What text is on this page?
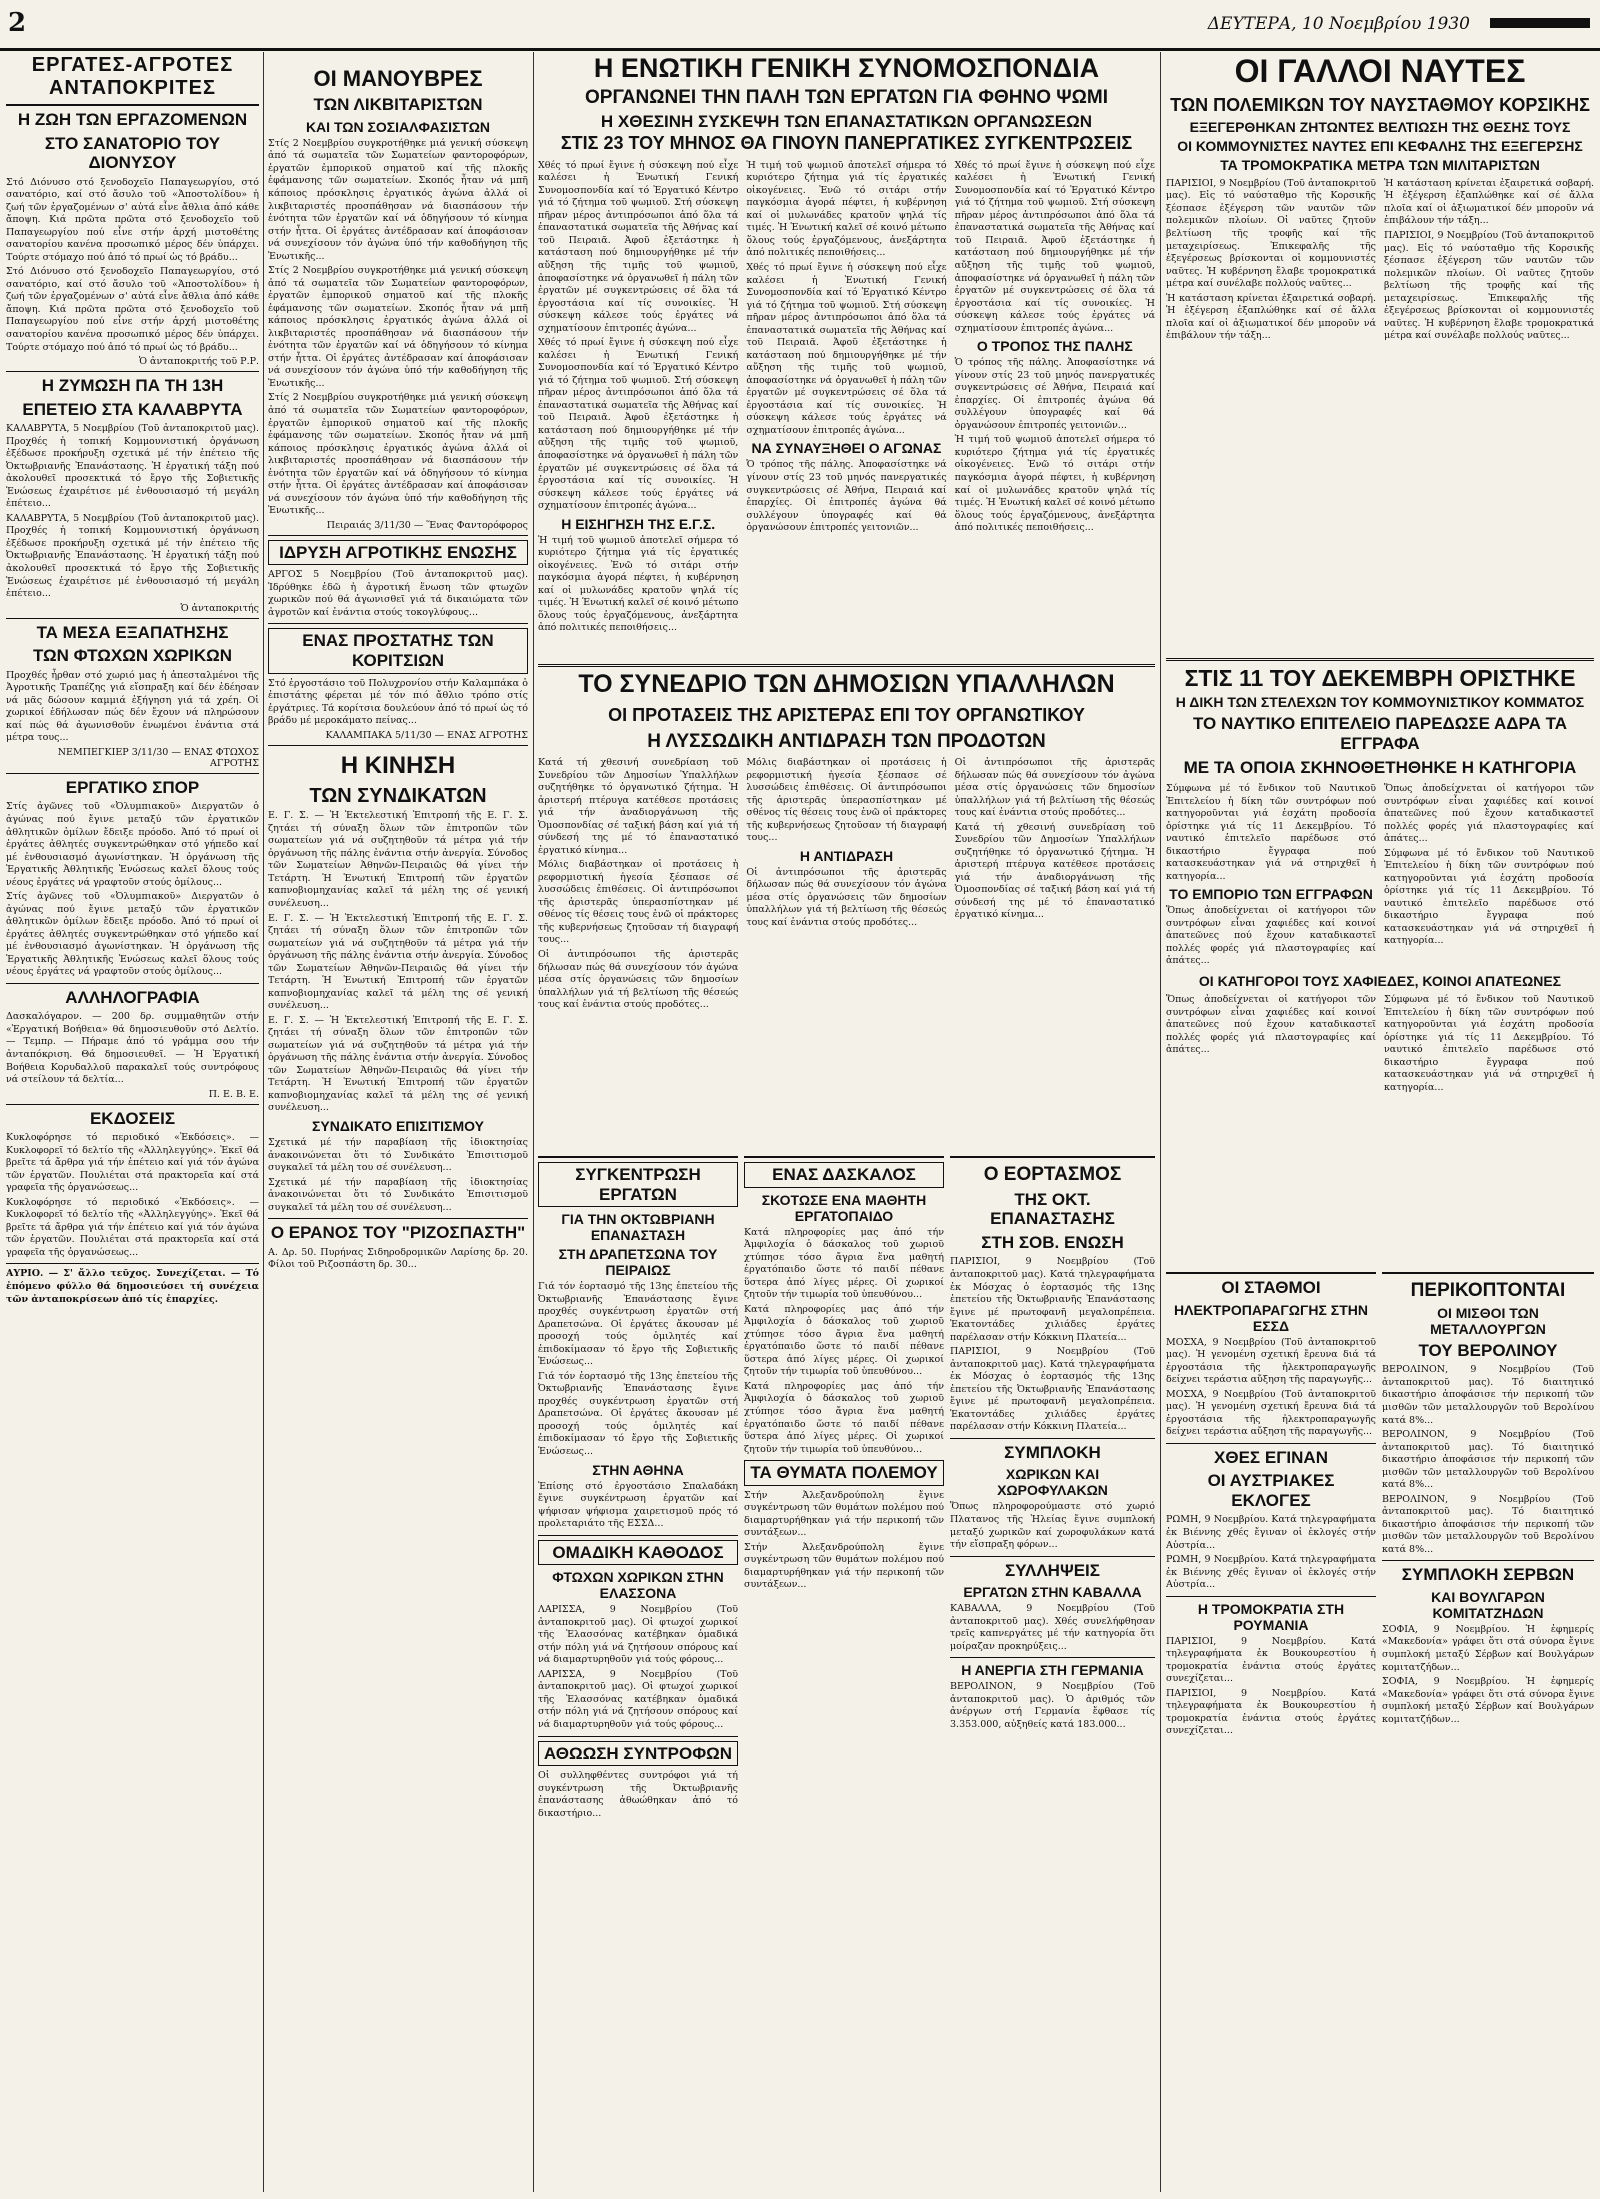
2	ΔΕΥΤΕΡΑ, 10 Νοεμβρίου 1930
ΕΡΓΑΤΕΣ-ΑΓΡΟΤΕΣ ΑΝΤΑΠΟΚΡΙΤΕΣ
Η ΖΩΗ ΤΩΝ ΕΡΓΑΖΟΜΕΝΩΝ
ΣΤΟ ΣΑΝΑΤΟΡΙΟ ΤΟΥ ΔΙΟΝΥΣΟΥ

Στό Διόνυσο στό ξενοδοχεῖο Παπαγεωργίου, στό σανατόριο, καί στό ἄσυλο τοῦ «Ἀποστολίδου» ἡ ζωή τῶν ἐργαζομένων σ' αὐτά εἶνε ἄθλια ἀπό κάθε ἄποψη. Κιά πρῶτα πρῶτα στό ξενοδοχεῖο τοῦ Παπαγεωργίου πού εἶνε στήν ἀρχή μιστοθέτης σανατορίου κανένα προσωπικό μέρος δέν ὑπάρχει. Τούρτε στόμαχο πού ἀπό τό πρωί ὡς τό βράδυ...

Στό Διόνυσο στό ξενοδοχεῖο Παπαγεωργίου, στό σανατόριο, καί στό ἄσυλο τοῦ «Ἀποστολίδου» ἡ ζωή τῶν ἐργαζομένων σ' αὐτά εἶνε ἄθλια ἀπό κάθε ἄποψη. Κιά πρῶτα πρῶτα στό ξενοδοχεῖο τοῦ Παπαγεωργίου πού εἶνε στήν ἀρχή μιστοθέτης σανατορίου κανένα προσωπικό μέρος δέν ὑπάρχει. Τούρτε στόμαχο πού ἀπό τό πρωί ὡς τό βράδυ...

Ὁ ἀνταποκριτής τοῦ Ρ.Ρ.
Η ΖΥΜΩΣΗ ΠΑ ΤΗ 13Η
ΕΠΕΤΕΙΟ ΣΤΑ ΚΑΛΑΒΡΥΤΑ

ΚΑΛΑΒΡΥΤΑ, 5 Νοεμβρίου (Τοῦ ἀνταποκριτοῦ μας). Προχθές ἡ τοπική Κομμουνιστική ὀργάνωση ἐξέδωσε προκήρυξη σχετικά μέ τήν ἐπέτειο τῆς Ὀκτωβριανῆς Ἐπανάστασης. Ἡ ἐργατική τάξη πού ἀκολουθεῖ προσεκτικά τό ἔργο τῆς Σοβιετικῆς Ἑνώσεως ἐχαιρέτισε μέ ἐνθουσιασμό τή μεγάλη ἐπέτειο...

ΚΑΛΑΒΡΥΤΑ, 5 Νοεμβρίου (Τοῦ ἀνταποκριτοῦ μας). Προχθές ἡ τοπική Κομμουνιστική ὀργάνωση ἐξέδωσε προκήρυξη σχετικά μέ τήν ἐπέτειο τῆς Ὀκτωβριανῆς Ἐπανάστασης. Ἡ ἐργατική τάξη πού ἀκολουθεῖ προσεκτικά τό ἔργο τῆς Σοβιετικῆς Ἑνώσεως ἐχαιρέτισε μέ ἐνθουσιασμό τή μεγάλη ἐπέτειο...

Ὁ ἀνταποκριτής
ΤΑ ΜΕΣΑ ΕΞΑΠΑΤΗΣΗΣ
ΤΩΝ ΦΤΩΧΩΝ ΧΩΡΙΚΩΝ

Προχθές ἦρθαν στό χωριό μας ἡ ἀπεσταλμένοι τῆς Ἀγροτικῆς Τραπέζης γιά εἴσπραξη καί δέν ἐδέησαν νά μᾶς δώσουν καμμιά ἐξήγηση γιά τά χρέη. Οἱ χωρικοί ἐδήλωσαν πώς δέν ἔχουν νά πληρώσουν καί πώς θά ἀγωνισθοῦν ἑνωμένοι ἐνάντια στά μέτρα τους...

ΝΕΜΠΕΓΚΙΕΡ 3/11/30 — ΕΝΑΣ ΦΤΩΧΟΣ ΑΓΡΟΤΗΣ
ΕΡΓΑΤΙΚΟ ΣΠΟΡ

Στίς ἀγῶνες τοῦ «Ὀλυμπιακοῦ» Διεργατῶν ὁ ἀγώνας πού ἔγινε μεταξύ τῶν ἐργατικῶν ἀθλητικῶν ὁμίλων ἔδειξε πρόοδο. Ἀπό τό πρωί οἱ ἐργάτες ἀθλητές συγκεντρώθηκαν στό γήπεδο καί μέ ἐνθουσιασμό ἀγωνίστηκαν. Ἡ ὀργάνωση τῆς Ἐργατικῆς Ἀθλητικῆς Ἑνώσεως καλεῖ ὅλους τούς νέους ἐργάτες νά γραφτοῦν στούς ὁμίλους...

Στίς ἀγῶνες τοῦ «Ὀλυμπιακοῦ» Διεργατῶν ὁ ἀγώνας πού ἔγινε μεταξύ τῶν ἐργατικῶν ἀθλητικῶν ὁμίλων ἔδειξε πρόοδο. Ἀπό τό πρωί οἱ ἐργάτες ἀθλητές συγκεντρώθηκαν στό γήπεδο καί μέ ἐνθουσιασμό ἀγωνίστηκαν. Ἡ ὀργάνωση τῆς Ἐργατικῆς Ἀθλητικῆς Ἑνώσεως καλεῖ ὅλους τούς νέους ἐργάτες νά γραφτοῦν στούς ὁμίλους...

ΑΛΛΗΛΟΓΡΑΦΙΑ

Δασκαλόγαρον. — 200 δρ. συμμαθητῶν στήν «Ἐργατική Βοήθεια» θά δημοσιευθοῦν στό Δελτίο. — Τεμπρ. — Πήραμε ἀπό τό γράμμα σου τήν ἀνταπόκριση. Θά δημοσιευθεῖ. — Ἡ Ἐργατική Βοήθεια Κορυδαλλοῦ παρακαλεῖ τούς συντρόφους νά στείλουν τά δελτία...

Π. Ε. Β. Ε.
ΕΚΔΟΣΕΙΣ

Κυκλοφόρησε τό περιοδικό «Ἐκδόσεις». — Κυκλοφορεῖ τό δελτίο τῆς «Ἀλληλεγγύης». Ἐκεῖ θά βρεῖτε τά ἄρθρα γιά τήν ἐπέτειο καί γιά τόν ἀγώνα τῶν ἐργατῶν. Πουλιέται στά πρακτορεῖα καί στά γραφεῖα τῆς ὀργανώσεως...

Κυκλοφόρησε τό περιοδικό «Ἐκδόσεις». — Κυκλοφορεῖ τό δελτίο τῆς «Ἀλληλεγγύης». Ἐκεῖ θά βρεῖτε τά ἄρθρα γιά τήν ἐπέτειο καί γιά τόν ἀγώνα τῶν ἐργατῶν. Πουλιέται στά πρακτορεῖα καί στά γραφεῖα τῆς ὀργανώσεως...

ΑΥΡΙΟ. — Σ' ἄλλο τεῦχος. Συνεχίζεται. — Τό ἐπόμενο φύλλο θά δημοσιεύσει τή συνέχεια τῶν ἀνταποκρίσεων ἀπό τίς ἐπαρχίες.

ΟΙ ΜΑΝΟΥΒΡΕΣ
ΤΩΝ ΛΙΚΒΙΤΑΡΙΣΤΩΝ
ΚΑΙ ΤΩΝ ΣΟΣΙΑΛΦΑΣΙΣΤΩΝ

Στίς 2 Νοεμβρίου συγκροτήθηκε μιά γενική σύσκεψη ἀπό τά σωματεῖα τῶν Σωματείων φαντοροφόρων, ἐργατῶν ἐμπορικοῦ σηματοῦ καί τῆς πλοκῆς ἐφάμανσης τῶν σωματείων. Σκοπός ἦταν νά μπῆ κάποιος πρόσκλησις ἐργατικός ἀγώνα ἀλλά οἱ λικβιταριστές προσπάθησαν νά διασπάσουν τήν ἑνότητα τῶν ἐργατῶν καί νά ὁδηγήσουν τό κίνημα στήν ἧττα. Οἱ ἐργάτες ἀντέδρασαν καί ἀποφάσισαν νά συνεχίσουν τόν ἀγώνα ὑπό τήν καθοδήγηση τῆς Ἑνωτικῆς...

Στίς 2 Νοεμβρίου συγκροτήθηκε μιά γενική σύσκεψη ἀπό τά σωματεῖα τῶν Σωματείων φαντοροφόρων, ἐργατῶν ἐμπορικοῦ σηματοῦ καί τῆς πλοκῆς ἐφάμανσης τῶν σωματείων. Σκοπός ἦταν νά μπῆ κάποιος πρόσκλησις ἐργατικός ἀγώνα ἀλλά οἱ λικβιταριστές προσπάθησαν νά διασπάσουν τήν ἑνότητα τῶν ἐργατῶν καί νά ὁδηγήσουν τό κίνημα στήν ἧττα. Οἱ ἐργάτες ἀντέδρασαν καί ἀποφάσισαν νά συνεχίσουν τόν ἀγώνα ὑπό τήν καθοδήγηση τῆς Ἑνωτικῆς...

Στίς 2 Νοεμβρίου συγκροτήθηκε μιά γενική σύσκεψη ἀπό τά σωματεῖα τῶν Σωματείων φαντοροφόρων, ἐργατῶν ἐμπορικοῦ σηματοῦ καί τῆς πλοκῆς ἐφάμανσης τῶν σωματείων. Σκοπός ἦταν νά μπῆ κάποιος πρόσκλησις ἐργατικός ἀγώνα ἀλλά οἱ λικβιταριστές προσπάθησαν νά διασπάσουν τήν ἑνότητα τῶν ἐργατῶν καί νά ὁδηγήσουν τό κίνημα στήν ἧττα. Οἱ ἐργάτες ἀντέδρασαν καί ἀποφάσισαν νά συνεχίσουν τόν ἀγώνα ὑπό τήν καθοδήγηση τῆς Ἑνωτικῆς...

Πειραιάς 3/11/30 — Ἕνας Φαντορόφορος
ΙΔΡΥΣΗ ΑΓΡΟΤΙΚΗΣ ΕΝΩΣΗΣ

ΑΡΓΟΣ 5 Νοεμβρίου (Τοῦ ἀνταποκριτοῦ μας). Ἱδρύθηκε ἐδῶ ἡ ἀγροτική ἕνωση τῶν φτωχῶν χωρικῶν πού θά ἀγωνισθεῖ γιά τά δικαιώματα τῶν ἀγροτῶν καί ἐνάντια στούς τοκογλύφους...

ΕΝΑΣ ΠΡΟΣΤΑΤΗΣ ΤΩΝ ΚΟΡΙΤΣΙΩΝ

Στό ἐργοστάσιο τοῦ Πολυχρονίου στήν Καλαμπάκα ὁ ἐπιστάτης φέρεται μέ τόν πιό ἄθλιο τρόπο στίς ἐργάτριες. Τά κορίτσια δουλεύουν ἀπό τό πρωί ὡς τό βράδυ μέ μεροκάματο πείνας...

ΚΑΛΑΜΠΑΚΑ 5/11/30 — ΕΝΑΣ ΑΓΡΟΤΗΣ
Η ΚΙΝΗΣΗ
ΤΩΝ ΣΥΝΔΙΚΑΤΩΝ

Ε. Γ. Σ. — Ἡ Ἐκτελεστική Ἐπιτροπή τῆς Ε. Γ. Σ. ζητάει τή σύναξη ὅλων τῶν ἐπιτροπῶν τῶν σωματείων γιά νά συζητηθοῦν τά μέτρα γιά τήν ὀργάνωση τῆς πάλης ἐνάντια στήν ἀνεργία. Σύνοδος τῶν Σωματείων Ἀθηνῶν-Πειραιῶς θά γίνει τήν Τετάρτη. Ἡ Ἑνωτική Ἐπιτροπή τῶν ἐργατῶν καπνοβιομηχανίας καλεῖ τά μέλη της σέ γενική συνέλευση...

Ε. Γ. Σ. — Ἡ Ἐκτελεστική Ἐπιτροπή τῆς Ε. Γ. Σ. ζητάει τή σύναξη ὅλων τῶν ἐπιτροπῶν τῶν σωματείων γιά νά συζητηθοῦν τά μέτρα γιά τήν ὀργάνωση τῆς πάλης ἐνάντια στήν ἀνεργία. Σύνοδος τῶν Σωματείων Ἀθηνῶν-Πειραιῶς θά γίνει τήν Τετάρτη. Ἡ Ἑνωτική Ἐπιτροπή τῶν ἐργατῶν καπνοβιομηχανίας καλεῖ τά μέλη της σέ γενική συνέλευση...

Ε. Γ. Σ. — Ἡ Ἐκτελεστική Ἐπιτροπή τῆς Ε. Γ. Σ. ζητάει τή σύναξη ὅλων τῶν ἐπιτροπῶν τῶν σωματείων γιά νά συζητηθοῦν τά μέτρα γιά τήν ὀργάνωση τῆς πάλης ἐνάντια στήν ἀνεργία. Σύνοδος τῶν Σωματείων Ἀθηνῶν-Πειραιῶς θά γίνει τήν Τετάρτη. Ἡ Ἑνωτική Ἐπιτροπή τῶν ἐργατῶν καπνοβιομηχανίας καλεῖ τά μέλη της σέ γενική συνέλευση...

ΣΥΝΔΙΚΑΤΟ ΕΠΙΣΙΤΙΣΜΟΥ

Σχετικά μέ τήν παραβίαση τῆς ἰδιοκτησίας ἀνακοινώνεται ὅτι τό Συνδικάτο Ἐπισιτισμοῦ συγκαλεῖ τά μέλη του σέ συνέλευση...

Σχετικά μέ τήν παραβίαση τῆς ἰδιοκτησίας ἀνακοινώνεται ὅτι τό Συνδικάτο Ἐπισιτισμοῦ συγκαλεῖ τά μέλη του σέ συνέλευση...

Ο ΕΡΑΝΟΣ ΤΟΥ "ΡΙΖΟΣΠΑΣΤΗ"

Α. Δρ. 50. Πυρήνας Σιδηροδρομικῶν Λαρίσης δρ. 20. Φίλοι τοῦ Ριζοσπάστη δρ. 30...

Η ΕΝΩΤΙΚΗ ΓΕΝΙΚΗ ΣΥΝΟΜΟΣΠΟΝΔΙΑ
ΟΡΓΑΝΩΝΕΙ ΤΗΝ ΠΑΛΗ ΤΩΝ ΕΡΓΑΤΩΝ ΓΙΑ ΦΘΗΝΟ ΨΩΜΙ
Η ΧΘΕΣΙΝΗ ΣΥΣΚΕΨΗ ΤΩΝ ΕΠΑΝΑΣΤΑΤΙΚΩΝ ΟΡΓΑΝΩΣΕΩΝ
ΣΤΙΣ 23 ΤΟΥ ΜΗΝΟΣ ΘΑ ΓΙΝΟΥΝ ΠΑΝΕΡΓΑΤΙΚΕΣ ΣΥΓΚΕΝΤΡΩΣΕΙΣ

Χθές τό πρωί ἔγινε ἡ σύσκεψη πού εἶχε καλέσει ἡ Ἑνωτική Γενική Συνομοσπονδία καί τό Ἐργατικό Κέντρο γιά τό ζήτημα τοῦ ψωμιοῦ. Στή σύσκεψη πῆραν μέρος ἀντιπρόσωποι ἀπό ὅλα τά ἐπαναστατικά σωματεῖα τῆς Ἀθήνας καί τοῦ Πειραιᾶ. Ἀφοῦ ἐξετάστηκε ἡ κατάσταση πού δημιουργήθηκε μέ τήν αὔξηση τῆς τιμῆς τοῦ ψωμιοῦ, ἀποφασίστηκε νά ὀργανωθεῖ ἡ πάλη τῶν ἐργατῶν μέ συγκεντρώσεις σέ ὅλα τά ἐργοστάσια καί τίς συνοικίες. Ἡ σύσκεψη κάλεσε τούς ἐργάτες νά σχηματίσουν ἐπιτροπές ἀγώνα...

Χθές τό πρωί ἔγινε ἡ σύσκεψη πού εἶχε καλέσει ἡ Ἑνωτική Γενική Συνομοσπονδία καί τό Ἐργατικό Κέντρο γιά τό ζήτημα τοῦ ψωμιοῦ. Στή σύσκεψη πῆραν μέρος ἀντιπρόσωποι ἀπό ὅλα τά ἐπαναστατικά σωματεῖα τῆς Ἀθήνας καί τοῦ Πειραιᾶ. Ἀφοῦ ἐξετάστηκε ἡ κατάσταση πού δημιουργήθηκε μέ τήν αὔξηση τῆς τιμῆς τοῦ ψωμιοῦ, ἀποφασίστηκε νά ὀργανωθεῖ ἡ πάλη τῶν ἐργατῶν μέ συγκεντρώσεις σέ ὅλα τά ἐργοστάσια καί τίς συνοικίες. Ἡ σύσκεψη κάλεσε τούς ἐργάτες νά σχηματίσουν ἐπιτροπές ἀγώνα...

Η ΕΙΣΗΓΗΣΗ ΤΗΣ Ε.Γ.Σ.

Ἡ τιμή τοῦ ψωμιοῦ ἀποτελεῖ σήμερα τό κυριότερο ζήτημα γιά τίς ἐργατικές οἰκογένειες. Ἐνῶ τό σιτάρι στήν παγκόσμια ἀγορά πέφτει, ἡ κυβέρνηση καί οἱ μυλωνάδες κρατοῦν ψηλά τίς τιμές. Ἡ Ἑνωτική καλεῖ σέ κοινό μέτωπο ὅλους τούς ἐργαζόμενους, ἀνεξάρτητα ἀπό πολιτικές πεποιθήσεις...

Ἡ τιμή τοῦ ψωμιοῦ ἀποτελεῖ σήμερα τό κυριότερο ζήτημα γιά τίς ἐργατικές οἰκογένειες. Ἐνῶ τό σιτάρι στήν παγκόσμια ἀγορά πέφτει, ἡ κυβέρνηση καί οἱ μυλωνάδες κρατοῦν ψηλά τίς τιμές. Ἡ Ἑνωτική καλεῖ σέ κοινό μέτωπο ὅλους τούς ἐργαζόμενους, ἀνεξάρτητα ἀπό πολιτικές πεποιθήσεις...

Χθές τό πρωί ἔγινε ἡ σύσκεψη πού εἶχε καλέσει ἡ Ἑνωτική Γενική Συνομοσπονδία καί τό Ἐργατικό Κέντρο γιά τό ζήτημα τοῦ ψωμιοῦ. Στή σύσκεψη πῆραν μέρος ἀντιπρόσωποι ἀπό ὅλα τά ἐπαναστατικά σωματεῖα τῆς Ἀθήνας καί τοῦ Πειραιᾶ. Ἀφοῦ ἐξετάστηκε ἡ κατάσταση πού δημιουργήθηκε μέ τήν αὔξηση τῆς τιμῆς τοῦ ψωμιοῦ, ἀποφασίστηκε νά ὀργανωθεῖ ἡ πάλη τῶν ἐργατῶν μέ συγκεντρώσεις σέ ὅλα τά ἐργοστάσια καί τίς συνοικίες. Ἡ σύσκεψη κάλεσε τούς ἐργάτες νά σχηματίσουν ἐπιτροπές ἀγώνα...

ΝΑ ΣΥΝΑΥΞΗΘΕΙ Ο ΑΓΩΝΑΣ

Ὁ τρόπος τῆς πάλης. Ἀποφασίστηκε νά γίνουν στίς 23 τοῦ μηνός πανεργατικές συγκεντρώσεις σέ Ἀθήνα, Πειραιά καί ἐπαρχίες. Οἱ ἐπιτροπές ἀγώνα θά συλλέγουν ὑπογραφές καί θά ὀργανώσουν ἐπιτροπές γειτονιῶν...

Χθές τό πρωί ἔγινε ἡ σύσκεψη πού εἶχε καλέσει ἡ Ἑνωτική Γενική Συνομοσπονδία καί τό Ἐργατικό Κέντρο γιά τό ζήτημα τοῦ ψωμιοῦ. Στή σύσκεψη πῆραν μέρος ἀντιπρόσωποι ἀπό ὅλα τά ἐπαναστατικά σωματεῖα τῆς Ἀθήνας καί τοῦ Πειραιᾶ. Ἀφοῦ ἐξετάστηκε ἡ κατάσταση πού δημιουργήθηκε μέ τήν αὔξηση τῆς τιμῆς τοῦ ψωμιοῦ, ἀποφασίστηκε νά ὀργανωθεῖ ἡ πάλη τῶν ἐργατῶν μέ συγκεντρώσεις σέ ὅλα τά ἐργοστάσια καί τίς συνοικίες. Ἡ σύσκεψη κάλεσε τούς ἐργάτες νά σχηματίσουν ἐπιτροπές ἀγώνα...

Ο ΤΡΟΠΟΣ ΤΗΣ ΠΑΛΗΣ

Ὁ τρόπος τῆς πάλης. Ἀποφασίστηκε νά γίνουν στίς 23 τοῦ μηνός πανεργατικές συγκεντρώσεις σέ Ἀθήνα, Πειραιά καί ἐπαρχίες. Οἱ ἐπιτροπές ἀγώνα θά συλλέγουν ὑπογραφές καί θά ὀργανώσουν ἐπιτροπές γειτονιῶν...

Ἡ τιμή τοῦ ψωμιοῦ ἀποτελεῖ σήμερα τό κυριότερο ζήτημα γιά τίς ἐργατικές οἰκογένειες. Ἐνῶ τό σιτάρι στήν παγκόσμια ἀγορά πέφτει, ἡ κυβέρνηση καί οἱ μυλωνάδες κρατοῦν ψηλά τίς τιμές. Ἡ Ἑνωτική καλεῖ σέ κοινό μέτωπο ὅλους τούς ἐργαζόμενους, ἀνεξάρτητα ἀπό πολιτικές πεποιθήσεις...

ΤΟ ΣΥΝΕΔΡΙΟ ΤΩΝ ΔΗΜΟΣΙΩΝ ΥΠΑΛΛΗΛΩΝ
ΟΙ ΠΡΟΤΑΣΕΙΣ ΤΗΣ ΑΡΙΣΤΕΡΑΣ ΕΠΙ ΤΟΥ ΟΡΓΑΝΩΤΙΚΟΥ
Η ΛΥΣΣΩΔΙΚΗ ΑΝΤΙΔΡΑΣΗ ΤΩΝ ΠΡΟΔΟΤΩΝ

Κατά τή χθεσινή συνεδρίαση τοῦ Συνεδρίου τῶν Δημοσίων Ὑπαλλήλων συζητήθηκε τό ὀργανωτικό ζήτημα. Ἡ ἀριστερή πτέρυγα κατέθεσε προτάσεις γιά τήν ἀναδιοργάνωση τῆς Ὁμοσπονδίας σέ ταξική βάση καί γιά τή σύνδεσή της μέ τό ἐπαναστατικό ἐργατικό κίνημα...

Μόλις διαβάστηκαν οἱ προτάσεις ἡ ρεφορμιστική ἡγεσία ξέσπασε σέ λυσσώδεις ἐπιθέσεις. Οἱ ἀντιπρόσωποι τῆς ἀριστερᾶς ὑπερασπίστηκαν μέ σθένος τίς θέσεις τους ἐνῶ οἱ πράκτορες τῆς κυβερνήσεως ζητοῦσαν τή διαγραφή τους...

Οἱ ἀντιπρόσωποι τῆς ἀριστερᾶς δήλωσαν πώς θά συνεχίσουν τόν ἀγώνα μέσα στίς ὀργανώσεις τῶν δημοσίων ὑπαλλήλων γιά τή βελτίωση τῆς θέσεώς τους καί ἐνάντια στούς προδότες...

Μόλις διαβάστηκαν οἱ προτάσεις ἡ ρεφορμιστική ἡγεσία ξέσπασε σέ λυσσώδεις ἐπιθέσεις. Οἱ ἀντιπρόσωποι τῆς ἀριστερᾶς ὑπερασπίστηκαν μέ σθένος τίς θέσεις τους ἐνῶ οἱ πράκτορες τῆς κυβερνήσεως ζητοῦσαν τή διαγραφή τους...

Η ΑΝΤΙΔΡΑΣΗ

Οἱ ἀντιπρόσωποι τῆς ἀριστερᾶς δήλωσαν πώς θά συνεχίσουν τόν ἀγώνα μέσα στίς ὀργανώσεις τῶν δημοσίων ὑπαλλήλων γιά τή βελτίωση τῆς θέσεώς τους καί ἐνάντια στούς προδότες...

Οἱ ἀντιπρόσωποι τῆς ἀριστερᾶς δήλωσαν πώς θά συνεχίσουν τόν ἀγώνα μέσα στίς ὀργανώσεις τῶν δημοσίων ὑπαλλήλων γιά τή βελτίωση τῆς θέσεώς τους καί ἐνάντια στούς προδότες...

Κατά τή χθεσινή συνεδρίαση τοῦ Συνεδρίου τῶν Δημοσίων Ὑπαλλήλων συζητήθηκε τό ὀργανωτικό ζήτημα. Ἡ ἀριστερή πτέρυγα κατέθεσε προτάσεις γιά τήν ἀναδιοργάνωση τῆς Ὁμοσπονδίας σέ ταξική βάση καί γιά τή σύνδεσή της μέ τό ἐπαναστατικό ἐργατικό κίνημα...

ΣΥΓΚΕΝΤΡΩΣΗ ΕΡΓΑΤΩΝ
ΓΙΑ ΤΗΝ ΟΚΤΩΒΡΙΑΝΗ ΕΠΑΝΑΣΤΑΣΗ
ΣΤΗ ΔΡΑΠΕΤΣΩΝΑ ΤΟΥ ΠΕΙΡΑΙΩΣ

Γιά τόν ἑορτασμό τῆς 13ης ἐπετείου τῆς Ὀκτωβριανῆς Ἐπανάστασης ἔγινε προχθές συγκέντρωση ἐργατῶν στή Δραπετσώνα. Οἱ ἐργάτες ἄκουσαν μέ προσοχή τούς ὁμιλητές καί ἐπιδοκίμασαν τό ἔργο τῆς Σοβιετικῆς Ἑνώσεως...

Γιά τόν ἑορτασμό τῆς 13ης ἐπετείου τῆς Ὀκτωβριανῆς Ἐπανάστασης ἔγινε προχθές συγκέντρωση ἐργατῶν στή Δραπετσώνα. Οἱ ἐργάτες ἄκουσαν μέ προσοχή τούς ὁμιλητές καί ἐπιδοκίμασαν τό ἔργο τῆς Σοβιετικῆς Ἑνώσεως...

ΣΤΗΝ ΑΘΗΝΑ

Ἐπίσης στό ἐργοστάσιο Σπαλαδάκη ἔγινε συγκέντρωση ἐργατῶν καί ψήφισαν ψήφισμα χαιρετισμοῦ πρός τό προλεταριάτο τῆς ΕΣΣΔ...

ΟΜΑΔΙΚΗ ΚΑΘΟΔΟΣ
ΦΤΩΧΩΝ ΧΩΡΙΚΩΝ ΣΤΗΝ ΕΛΑΣΣΟΝΑ

ΛΑΡΙΣΣΑ, 9 Νοεμβρίου (Τοῦ ἀνταποκριτοῦ μας). Οἱ φτωχοί χωρικοί τῆς Ἐλασσόνας κατέβηκαν ὁμαδικά στήν πόλη γιά νά ζητήσουν σπόρους καί νά διαμαρτυρηθοῦν γιά τούς φόρους...

ΛΑΡΙΣΣΑ, 9 Νοεμβρίου (Τοῦ ἀνταποκριτοῦ μας). Οἱ φτωχοί χωρικοί τῆς Ἐλασσόνας κατέβηκαν ὁμαδικά στήν πόλη γιά νά ζητήσουν σπόρους καί νά διαμαρτυρηθοῦν γιά τούς φόρους...

ΑΘΩΩΣΗ ΣΥΝΤΡΟΦΩΝ

Οἱ συλληφθέντες συντρόφοι γιά τή συγκέντρωση τῆς Ὀκτωβριανῆς ἐπανάστασης ἀθωώθηκαν ἀπό τό δικαστήριο...

ΕΝΑΣ ΔΑΣΚΑΛΟΣ
ΣΚΟΤΩΣΕ ΕΝΑ ΜΑΘΗΤΗ ΕΡΓΑΤΟΠΑΙΔΟ

Κατά πληροφορίες μας ἀπό τήν Ἀμφιλοχία ὁ δάσκαλος τοῦ χωριοῦ χτύπησε τόσο ἄγρια ἕνα μαθητή ἐργατόπαιδο ὥστε τό παιδί πέθανε ὕστερα ἀπό λίγες μέρες. Οἱ χωρικοί ζητοῦν τήν τιμωρία τοῦ ὑπευθύνου...

Κατά πληροφορίες μας ἀπό τήν Ἀμφιλοχία ὁ δάσκαλος τοῦ χωριοῦ χτύπησε τόσο ἄγρια ἕνα μαθητή ἐργατόπαιδο ὥστε τό παιδί πέθανε ὕστερα ἀπό λίγες μέρες. Οἱ χωρικοί ζητοῦν τήν τιμωρία τοῦ ὑπευθύνου...

Κατά πληροφορίες μας ἀπό τήν Ἀμφιλοχία ὁ δάσκαλος τοῦ χωριοῦ χτύπησε τόσο ἄγρια ἕνα μαθητή ἐργατόπαιδο ὥστε τό παιδί πέθανε ὕστερα ἀπό λίγες μέρες. Οἱ χωρικοί ζητοῦν τήν τιμωρία τοῦ ὑπευθύνου...

ΤΑ ΘΥΜΑΤΑ ΠΟΛΕΜΟΥ

Στήν Ἀλεξανδρούπολη ἔγινε συγκέντρωση τῶν θυμάτων πολέμου πού διαμαρτυρήθηκαν γιά τήν περικοπή τῶν συντάξεων...

Στήν Ἀλεξανδρούπολη ἔγινε συγκέντρωση τῶν θυμάτων πολέμου πού διαμαρτυρήθηκαν γιά τήν περικοπή τῶν συντάξεων...

Ο ΕΟΡΤΑΣΜΟΣ
ΤΗΣ ΟΚΤ. ΕΠΑΝΑΣΤΑΣΗΣ
ΣΤΗ ΣΟΒ. ΕΝΩΣΗ

ΠΑΡΙΣΙΟΙ, 9 Νοεμβρίου (Τοῦ ἀνταποκριτοῦ μας). Κατά τηλεγραφήματα ἐκ Μόσχας ὁ ἑορτασμός τῆς 13ης ἐπετείου τῆς Ὀκτωβριανῆς Ἐπανάστασης ἔγινε μέ πρωτοφανῆ μεγαλοπρέπεια. Ἑκατοντάδες χιλιάδες ἐργάτες παρέλασαν στήν Κόκκινη Πλατεία...

ΠΑΡΙΣΙΟΙ, 9 Νοεμβρίου (Τοῦ ἀνταποκριτοῦ μας). Κατά τηλεγραφήματα ἐκ Μόσχας ὁ ἑορτασμός τῆς 13ης ἐπετείου τῆς Ὀκτωβριανῆς Ἐπανάστασης ἔγινε μέ πρωτοφανῆ μεγαλοπρέπεια. Ἑκατοντάδες χιλιάδες ἐργάτες παρέλασαν στήν Κόκκινη Πλατεία...

ΣΥΜΠΛΟΚΗ
ΧΩΡΙΚΩΝ ΚΑΙ ΧΩΡΟΦΥΛΑΚΩΝ

Ὅπως πληροφορούμαστε στό χωριό Πλατανος τῆς Ἠλείας ἔγινε συμπλοκή μεταξύ χωρικῶν καί χωροφυλάκων κατά τήν εἴσπραξη φόρων...

ΣΥΛΛΗΨΕΙΣ
ΕΡΓΑΤΩΝ ΣΤΗΝ ΚΑΒΑΛΛΑ

ΚΑΒΑΛΛΑ, 9 Νοεμβρίου (Τοῦ ἀνταποκριτοῦ μας). Χθές συνελήφθησαν τρεῖς καπνεργάτες μέ τήν κατηγορία ὅτι μοίραζαν προκηρύξεις...

Η ΑΝΕΡΓΙΑ ΣΤΗ ΓΕΡΜΑΝΙΑ

ΒΕΡΟΛΙΝΟΝ, 9 Νοεμβρίου (Τοῦ ἀνταποκριτοῦ μας). Ὁ ἀριθμός τῶν ἀνέργων στή Γερμανία ἔφθασε τίς 3.353.000, αὐξηθείς κατά 183.000...

ΟΙ ΓΑΛΛΟΙ ΝΑΥΤΕΣ
ΤΩΝ ΠΟΛΕΜΙΚΩΝ ΤΟΥ ΝΑΥΣΤΑΘΜΟΥ ΚΟΡΣΙΚΗΣ
ΕΞΕΓΕΡΘΗΚΑΝ ΖΗΤΩΝΤΕΣ ΒΕΛΤΙΩΣΗ ΤΗΣ ΘΕΣΗΣ ΤΟΥΣ
ΟΙ ΚΟΜΜΟΥΝΙΣΤΕΣ ΝΑΥΤΕΣ ΕΠΙ ΚΕΦΑΛΗΣ ΤΗΣ ΕΞΕΓΕΡΣΗΣ
ΤΑ ΤΡΟΜΟΚΡΑΤΙΚΑ ΜΕΤΡΑ ΤΩΝ ΜΙΛΙΤΑΡΙΣΤΩΝ

ΠΑΡΙΣΙΟΙ, 9 Νοεμβρίου (Τοῦ ἀνταποκριτοῦ μας). Εἰς τό ναύσταθμο τῆς Κορσικῆς ξέσπασε ἐξέγερση τῶν ναυτῶν τῶν πολεμικῶν πλοίων. Οἱ ναῦτες ζητοῦν βελτίωση τῆς τροφῆς καί τῆς μεταχειρίσεως. Ἐπικεφαλῆς τῆς ἐξεγέρσεως βρίσκονται οἱ κομμουνιστές ναῦτες. Ἡ κυβέρνηση ἔλαβε τρομοκρατικά μέτρα καί συνέλαβε πολλούς ναῦτες...

Ἡ κατάσταση κρίνεται ἐξαιρετικά σοβαρή. Ἡ ἐξέγερση ἐξαπλώθηκε καί σέ ἄλλα πλοῖα καί οἱ ἀξιωματικοί δέν μποροῦν νά ἐπιβάλουν τήν τάξη...

Ἡ κατάσταση κρίνεται ἐξαιρετικά σοβαρή. Ἡ ἐξέγερση ἐξαπλώθηκε καί σέ ἄλλα πλοῖα καί οἱ ἀξιωματικοί δέν μποροῦν νά ἐπιβάλουν τήν τάξη...

ΠΑΡΙΣΙΟΙ, 9 Νοεμβρίου (Τοῦ ἀνταποκριτοῦ μας). Εἰς τό ναύσταθμο τῆς Κορσικῆς ξέσπασε ἐξέγερση τῶν ναυτῶν τῶν πολεμικῶν πλοίων. Οἱ ναῦτες ζητοῦν βελτίωση τῆς τροφῆς καί τῆς μεταχειρίσεως. Ἐπικεφαλῆς τῆς ἐξεγέρσεως βρίσκονται οἱ κομμουνιστές ναῦτες. Ἡ κυβέρνηση ἔλαβε τρομοκρατικά μέτρα καί συνέλαβε πολλούς ναῦτες...

ΣΤΙΣ 11 ΤΟΥ ΔΕΚΕΜΒΡΗ ΟΡΙΣΤΗΚΕ
Η ΔΙΚΗ ΤΩΝ ΣΤΕΛΕΧΩΝ ΤΟΥ ΚΟΜΜΟΥΝΙΣΤΙΚΟΥ ΚΟΜΜΑΤΟΣ
ΤΟ ΝΑΥΤΙΚΟ ΕΠΙΤΕΛΕΙΟ ΠΑΡΕΔΩΣΕ ΑΔΡΑ ΤΑ ΕΓΓΡΑΦΑ
ΜΕ ΤΑ ΟΠΟΙΑ ΣΚΗΝΟΘΕΤΗΘΗΚΕ Η ΚΑΤΗΓΟΡΙΑ

Σύμφωνα μέ τό ἔνδικον τοῦ Ναυτικοῦ Ἐπιτελείου ἡ δίκη τῶν συντρόφων πού κατηγοροῦνται γιά ἐσχάτη προδοσία ὁρίστηκε γιά τίς 11 Δεκεμβρίου. Τό ναυτικό ἐπιτελεῖο παρέδωσε στό δικαστήριο ἔγγραφα πού κατασκευάστηκαν γιά νά στηριχθεῖ ἡ κατηγορία...

ΤΟ ΕΜΠΟΡΙΟ ΤΩΝ ΕΓΓΡΑΦΩΝ

Ὅπως ἀποδείχνεται οἱ κατήγοροι τῶν συντρόφων εἶναι χαφιέδες καί κοινοί ἀπατεῶνες πού ἔχουν καταδικαστεῖ πολλές φορές γιά πλαστογραφίες καί ἀπάτες...

Ὅπως ἀποδείχνεται οἱ κατήγοροι τῶν συντρόφων εἶναι χαφιέδες καί κοινοί ἀπατεῶνες πού ἔχουν καταδικαστεῖ πολλές φορές γιά πλαστογραφίες καί ἀπάτες...

Σύμφωνα μέ τό ἔνδικον τοῦ Ναυτικοῦ Ἐπιτελείου ἡ δίκη τῶν συντρόφων πού κατηγοροῦνται γιά ἐσχάτη προδοσία ὁρίστηκε γιά τίς 11 Δεκεμβρίου. Τό ναυτικό ἐπιτελεῖο παρέδωσε στό δικαστήριο ἔγγραφα πού κατασκευάστηκαν γιά νά στηριχθεῖ ἡ κατηγορία...

ΟΙ ΚΑΤΗΓΟΡΟΙ ΤΟΥΣ ΧΑΦΙΕΔΕΣ, ΚΟΙΝΟΙ ΑΠΑΤΕΩΝΕΣ

Ὅπως ἀποδείχνεται οἱ κατήγοροι τῶν συντρόφων εἶναι χαφιέδες καί κοινοί ἀπατεῶνες πού ἔχουν καταδικαστεῖ πολλές φορές γιά πλαστογραφίες καί ἀπάτες...

Σύμφωνα μέ τό ἔνδικον τοῦ Ναυτικοῦ Ἐπιτελείου ἡ δίκη τῶν συντρόφων πού κατηγοροῦνται γιά ἐσχάτη προδοσία ὁρίστηκε γιά τίς 11 Δεκεμβρίου. Τό ναυτικό ἐπιτελεῖο παρέδωσε στό δικαστήριο ἔγγραφα πού κατασκευάστηκαν γιά νά στηριχθεῖ ἡ κατηγορία...

ΟΙ ΣΤΑΘΜΟΙ
ΗΛΕΚΤΡΟΠΑΡΑΓΩΓΗΣ ΣΤΗΝ ΕΣΣΔ

ΜΟΣΧΑ, 9 Νοεμβρίου (Τοῦ ἀνταποκριτοῦ μας). Ἡ γενομένη σχετική ἔρευνα διά τά ἐργοστάσια τῆς ἠλεκτροπαραγωγῆς δείχνει τεράστια αὔξηση τῆς παραγωγῆς...

ΜΟΣΧΑ, 9 Νοεμβρίου (Τοῦ ἀνταποκριτοῦ μας). Ἡ γενομένη σχετική ἔρευνα διά τά ἐργοστάσια τῆς ἠλεκτροπαραγωγῆς δείχνει τεράστια αὔξηση τῆς παραγωγῆς...

ΧΘΕΣ ΕΓΙΝΑΝ
ΟΙ ΑΥΣΤΡΙΑΚΕΣ ΕΚΛΟΓΕΣ

ΡΩΜΗ, 9 Νοεμβρίου. Κατά τηλεγραφήματα ἐκ Βιέννης χθές ἔγιναν οἱ ἐκλογές στήν Αὐστρία...

ΡΩΜΗ, 9 Νοεμβρίου. Κατά τηλεγραφήματα ἐκ Βιέννης χθές ἔγιναν οἱ ἐκλογές στήν Αὐστρία...

Η ΤΡΟΜΟΚΡΑΤΙΑ ΣΤΗ ΡΟΥΜΑΝΙΑ

ΠΑΡΙΣΙΟΙ, 9 Νοεμβρίου. Κατά τηλεγραφήματα ἐκ Βουκουρεστίου ἡ τρομοκρατία ἐνάντια στούς ἐργάτες συνεχίζεται...

ΠΑΡΙΣΙΟΙ, 9 Νοεμβρίου. Κατά τηλεγραφήματα ἐκ Βουκουρεστίου ἡ τρομοκρατία ἐνάντια στούς ἐργάτες συνεχίζεται...

ΠΕΡΙΚΟΠΤΟΝΤΑΙ
ΟΙ ΜΙΣΘΟΙ ΤΩΝ ΜΕΤΑΛΛΟΥΡΓΩΝ
ΤΟΥ ΒΕΡΟΛΙΝΟΥ

ΒΕΡΟΛΙΝΟΝ, 9 Νοεμβρίου (Τοῦ ἀνταποκριτοῦ μας). Τό διαιτητικό δικαστήριο ἀποφάσισε τήν περικοπή τῶν μισθῶν τῶν μεταλλουργῶν τοῦ Βερολίνου κατά 8%...

ΒΕΡΟΛΙΝΟΝ, 9 Νοεμβρίου (Τοῦ ἀνταποκριτοῦ μας). Τό διαιτητικό δικαστήριο ἀποφάσισε τήν περικοπή τῶν μισθῶν τῶν μεταλλουργῶν τοῦ Βερολίνου κατά 8%...

ΒΕΡΟΛΙΝΟΝ, 9 Νοεμβρίου (Τοῦ ἀνταποκριτοῦ μας). Τό διαιτητικό δικαστήριο ἀποφάσισε τήν περικοπή τῶν μισθῶν τῶν μεταλλουργῶν τοῦ Βερολίνου κατά 8%...

ΣΥΜΠΛΟΚΗ ΣΕΡΒΩΝ
ΚΑΙ ΒΟΥΛΓΑΡΩΝ ΚΟΜΙΤΑΤΖΗΔΩΝ

ΣΟΦΙΑ, 9 Νοεμβρίου. Ἡ ἐφημερίς «Μακεδονία» γράφει ὅτι στά σύνορα ἔγινε συμπλοκή μεταξύ Σέρβων καί Βουλγάρων κομιτατζήδων...

ΣΟΦΙΑ, 9 Νοεμβρίου. Ἡ ἐφημερίς «Μακεδονία» γράφει ὅτι στά σύνορα ἔγινε συμπλοκή μεταξύ Σέρβων καί Βουλγάρων κομιτατζήδων...
